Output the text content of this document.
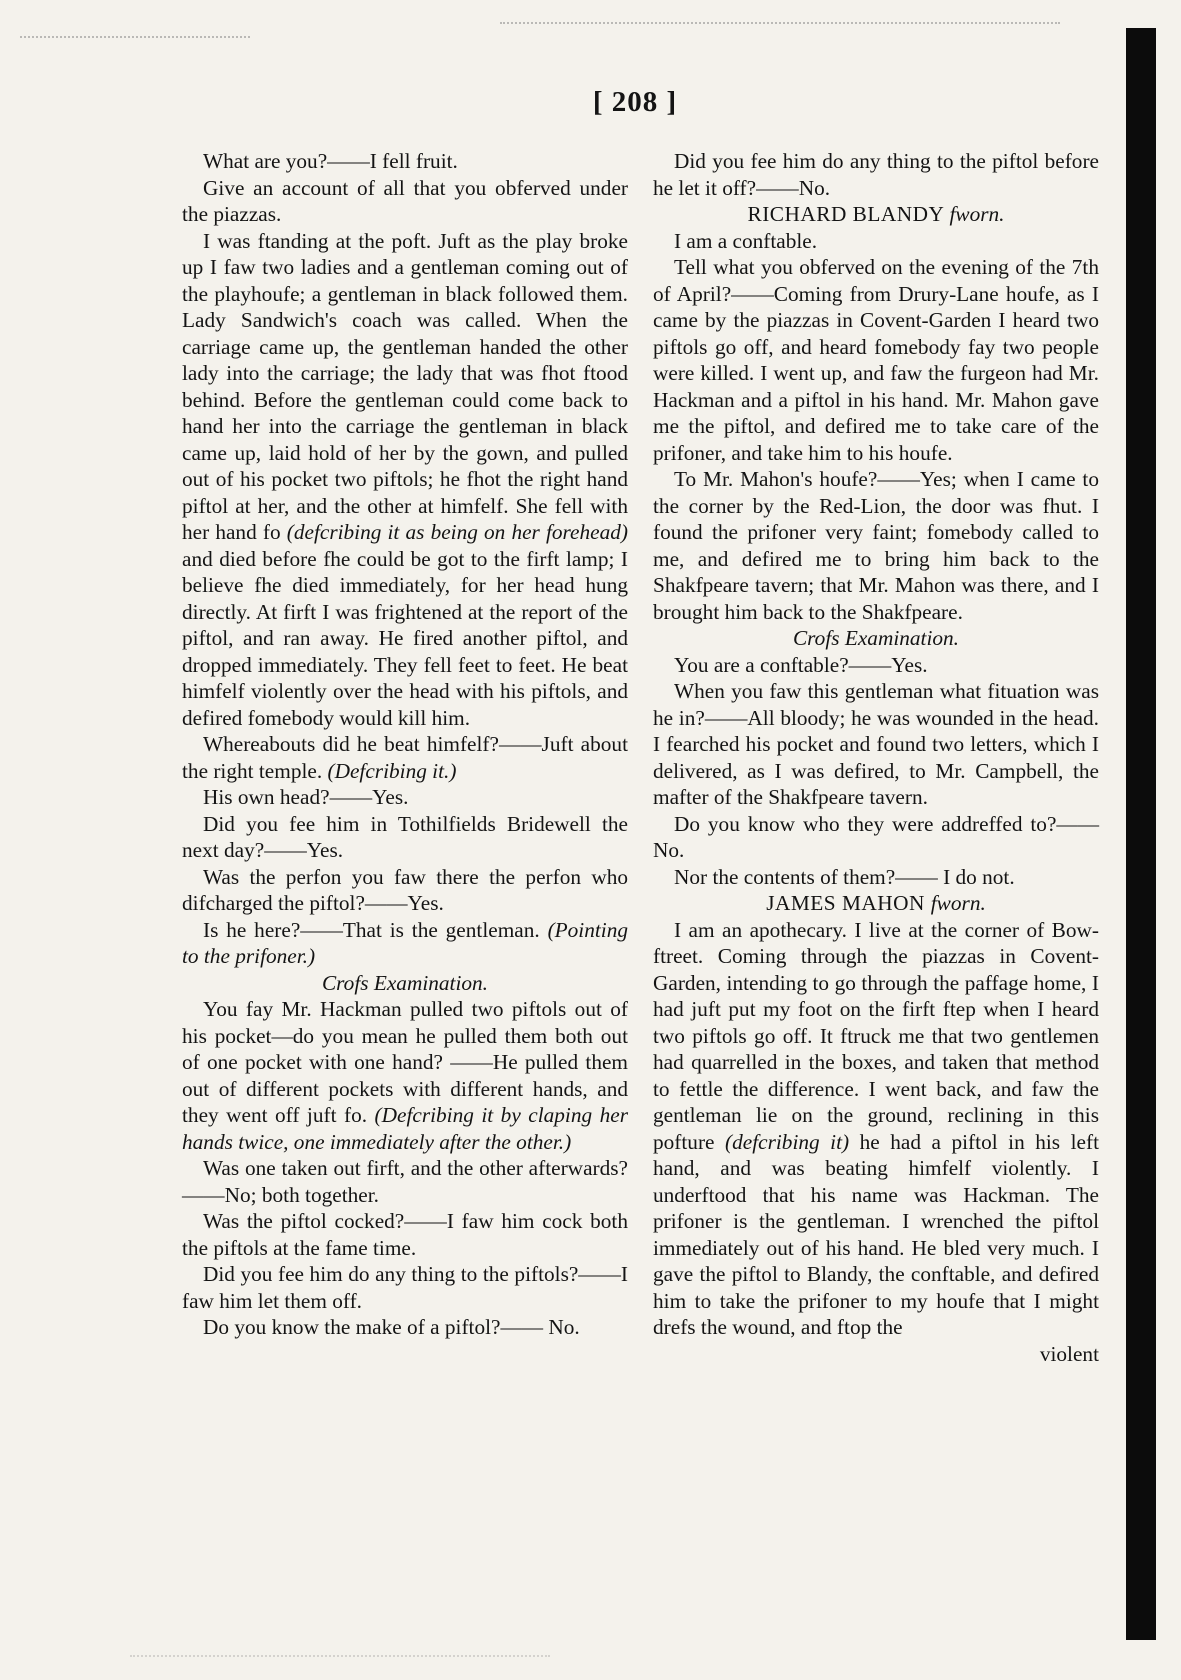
[ 208 ]

What are you?——I fell fruit.

Give an account of all that you obferved under the piazzas.

I was ftanding at the poft. Juft as the play broke up I faw two ladies and a gentleman coming out of the playhoufe; a gentleman in black followed them. Lady Sandwich's coach was called. When the carriage came up, the gentleman handed the other lady into the carriage; the lady that was fhot ftood behind. Before the gentleman could come back to hand her into the carriage the gentleman in black came up, laid hold of her by the gown, and pulled out of his pocket two piftols; he fhot the right hand piftol at her, and the other at himfelf. She fell with her hand fo (defcribing it as being on her forehead) and died before fhe could be got to the firft lamp; I believe fhe died immediately, for her head hung directly. At firft I was frightened at the report of the piftol, and ran away. He fired another piftol, and dropped immediately. They fell feet to feet. He beat himfelf violently over the head with his piftols, and defired fomebody would kill him.

Whereabouts did he beat himfelf?——Juft about the right temple. (Defcribing it.)

His own head?——Yes.

Did you fee him in Tothilfields Bridewell the next day?——Yes.

Was the perfon you faw there the perfon who difcharged the piftol?——Yes.

Is he here?——That is the gentleman. (Pointing to the prifoner.)

Crofs Examination.

You fay Mr. Hackman pulled two piftols out of his pocket—do you mean he pulled them both out of one pocket with one hand? ——He pulled them out of different pockets with different hands, and they went off juft fo. (Defcribing it by claping her hands twice, one immediately after the other.)

Was one taken out firft, and the other afterwards?——No; both together.

Was the piftol cocked?——I faw him cock both the piftols at the fame time.

Did you fee him do any thing to the piftols?——I faw him let them off.

Do you know the make of a piftol?—— No.

Did you fee him do any thing to the piftol before he let it off?——No.

RICHARD BLANDY fworn.

I am a conftable.

Tell what you obferved on the evening of the 7th of April?——Coming from Drury-Lane houfe, as I came by the piazzas in Covent-Garden I heard two piftols go off, and heard fomebody fay two people were killed. I went up, and faw the furgeon had Mr. Hackman and a piftol in his hand. Mr. Mahon gave me the piftol, and defired me to take care of the prifoner, and take him to his houfe.

To Mr. Mahon's houfe?——Yes; when I came to the corner by the Red-Lion, the door was fhut. I found the prifoner very faint; fomebody called to me, and defired me to bring him back to the Shakfpeare tavern; that Mr. Mahon was there, and I brought him back to the Shakfpeare.

Crofs Examination.

You are a conftable?——Yes.

When you faw this gentleman what fituation was he in?——All bloody; he was wounded in the head. I fearched his pocket and found two letters, which I delivered, as I was defired, to Mr. Campbell, the mafter of the Shakfpeare tavern.

Do you know who they were addreffed to?——No.

Nor the contents of them?—— I do not.

JAMES MAHON fworn.

I am an apothecary. I live at the corner of Bow-ftreet. Coming through the piazzas in Covent-Garden, intending to go through the paffage home, I had juft put my foot on the firft ftep when I heard two piftols go off. It ftruck me that two gentlemen had quarrelled in the boxes, and taken that method to fettle the difference. I went back, and faw the gentleman lie on the ground, reclining in this pofture (defcribing it) he had a piftol in his left hand, and was beating himfelf violently. I underftood that his name was Hackman. The prifoner is the gentleman. I wrenched the piftol immediately out of his hand. He bled very much. I gave the piftol to Blandy, the conftable, and defired him to take the prifoner to my houfe that I might drefs the wound, and ftop the

violent
